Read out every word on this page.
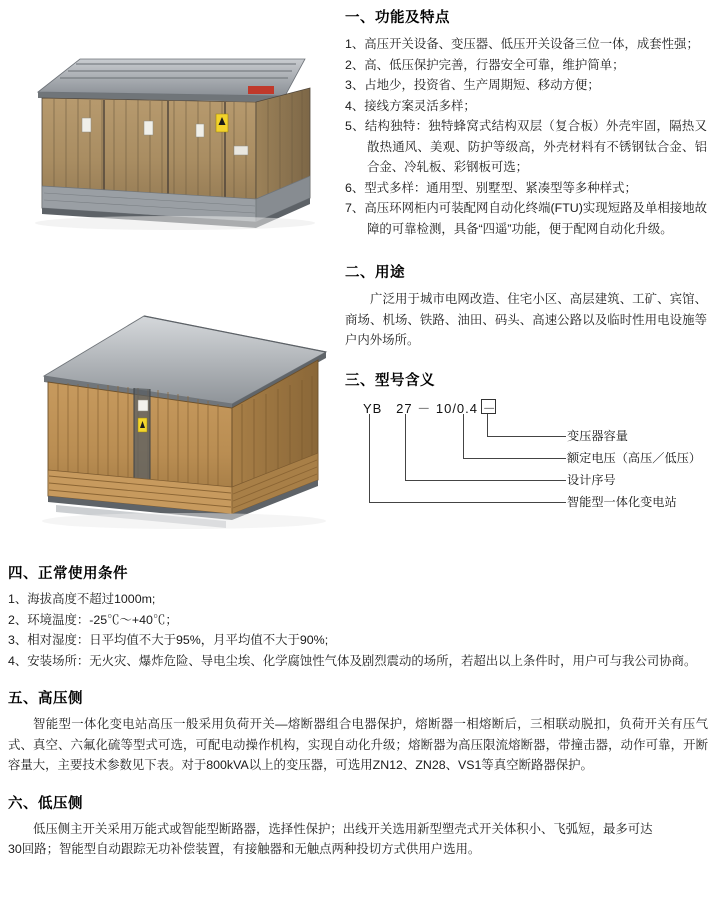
一、功能及特点

1、高压开关设备、变压器、低压开关设备三位一体，成套性强；

2、高、低压保护完善，行器安全可靠，维护简单；

3、占地少，投资省、生产周期短、移动方便；

4、接线方案灵活多样；

5、结构独特：独特蜂窝式结构双层（复合板）外壳牢固，隔热又散热通风、美观、防护等级高，外壳材料有不锈钢钛合金、铝合金、冷轧板、彩钢板可选；

6、型式多样：通用型、别墅型、紧凑型等多种样式；

7、高压环网柜内可装配网自动化终端(FTU)实现短路及单相接地故障的可靠检测，具备“四遥”功能，便于配网自动化升级。

二、用途

广泛用于城市电网改造、住宅小区、高层建筑、工矿、宾馆、商场、机场、铁路、油田、码头、高速公路以及临时性用电设施等户内外场所。

三、型号含义
YB   27 － 10/0.4 －
变压器容量
额定电压（高压／低压）
设计序号
智能型一体化变电站
四、正常使用条件

1、海拔高度不超过1000m;

2、环境温度：-25℃～+40℃；

3、相对湿度：日平均值不大于95%，月平均值不大于90%;

4、安装场所：无火灾、爆炸危险、导电尘埃、化学腐蚀性气体及剧烈震动的场所，若超出以上条件时，用户可与我公司协商。

五、高压侧

智能型一体化变电站高压一般采用负荷开关—熔断器组合电器保护，熔断器一相熔断后，三相联动脱扣，负荷开关有压气式、真空、六氟化硫等型式可选，可配电动操作机构，实现自动化升级；熔断器为高压限流熔断器，带撞击器，动作可靠，开断容量大，主要技术参数见下表。对于800kVA以上的变压器，可选用ZN12、ZN28、VS1等真空断路器保护。

六、低压侧

低压侧主开关采用万能式或智能型断路器，选择性保护；出线开关选用新型塑壳式开关体积小、飞弧短，最多可达

30回路；智能型自动跟踪无功补偿装置，有接触器和无触点两种投切方式供用户选用。
